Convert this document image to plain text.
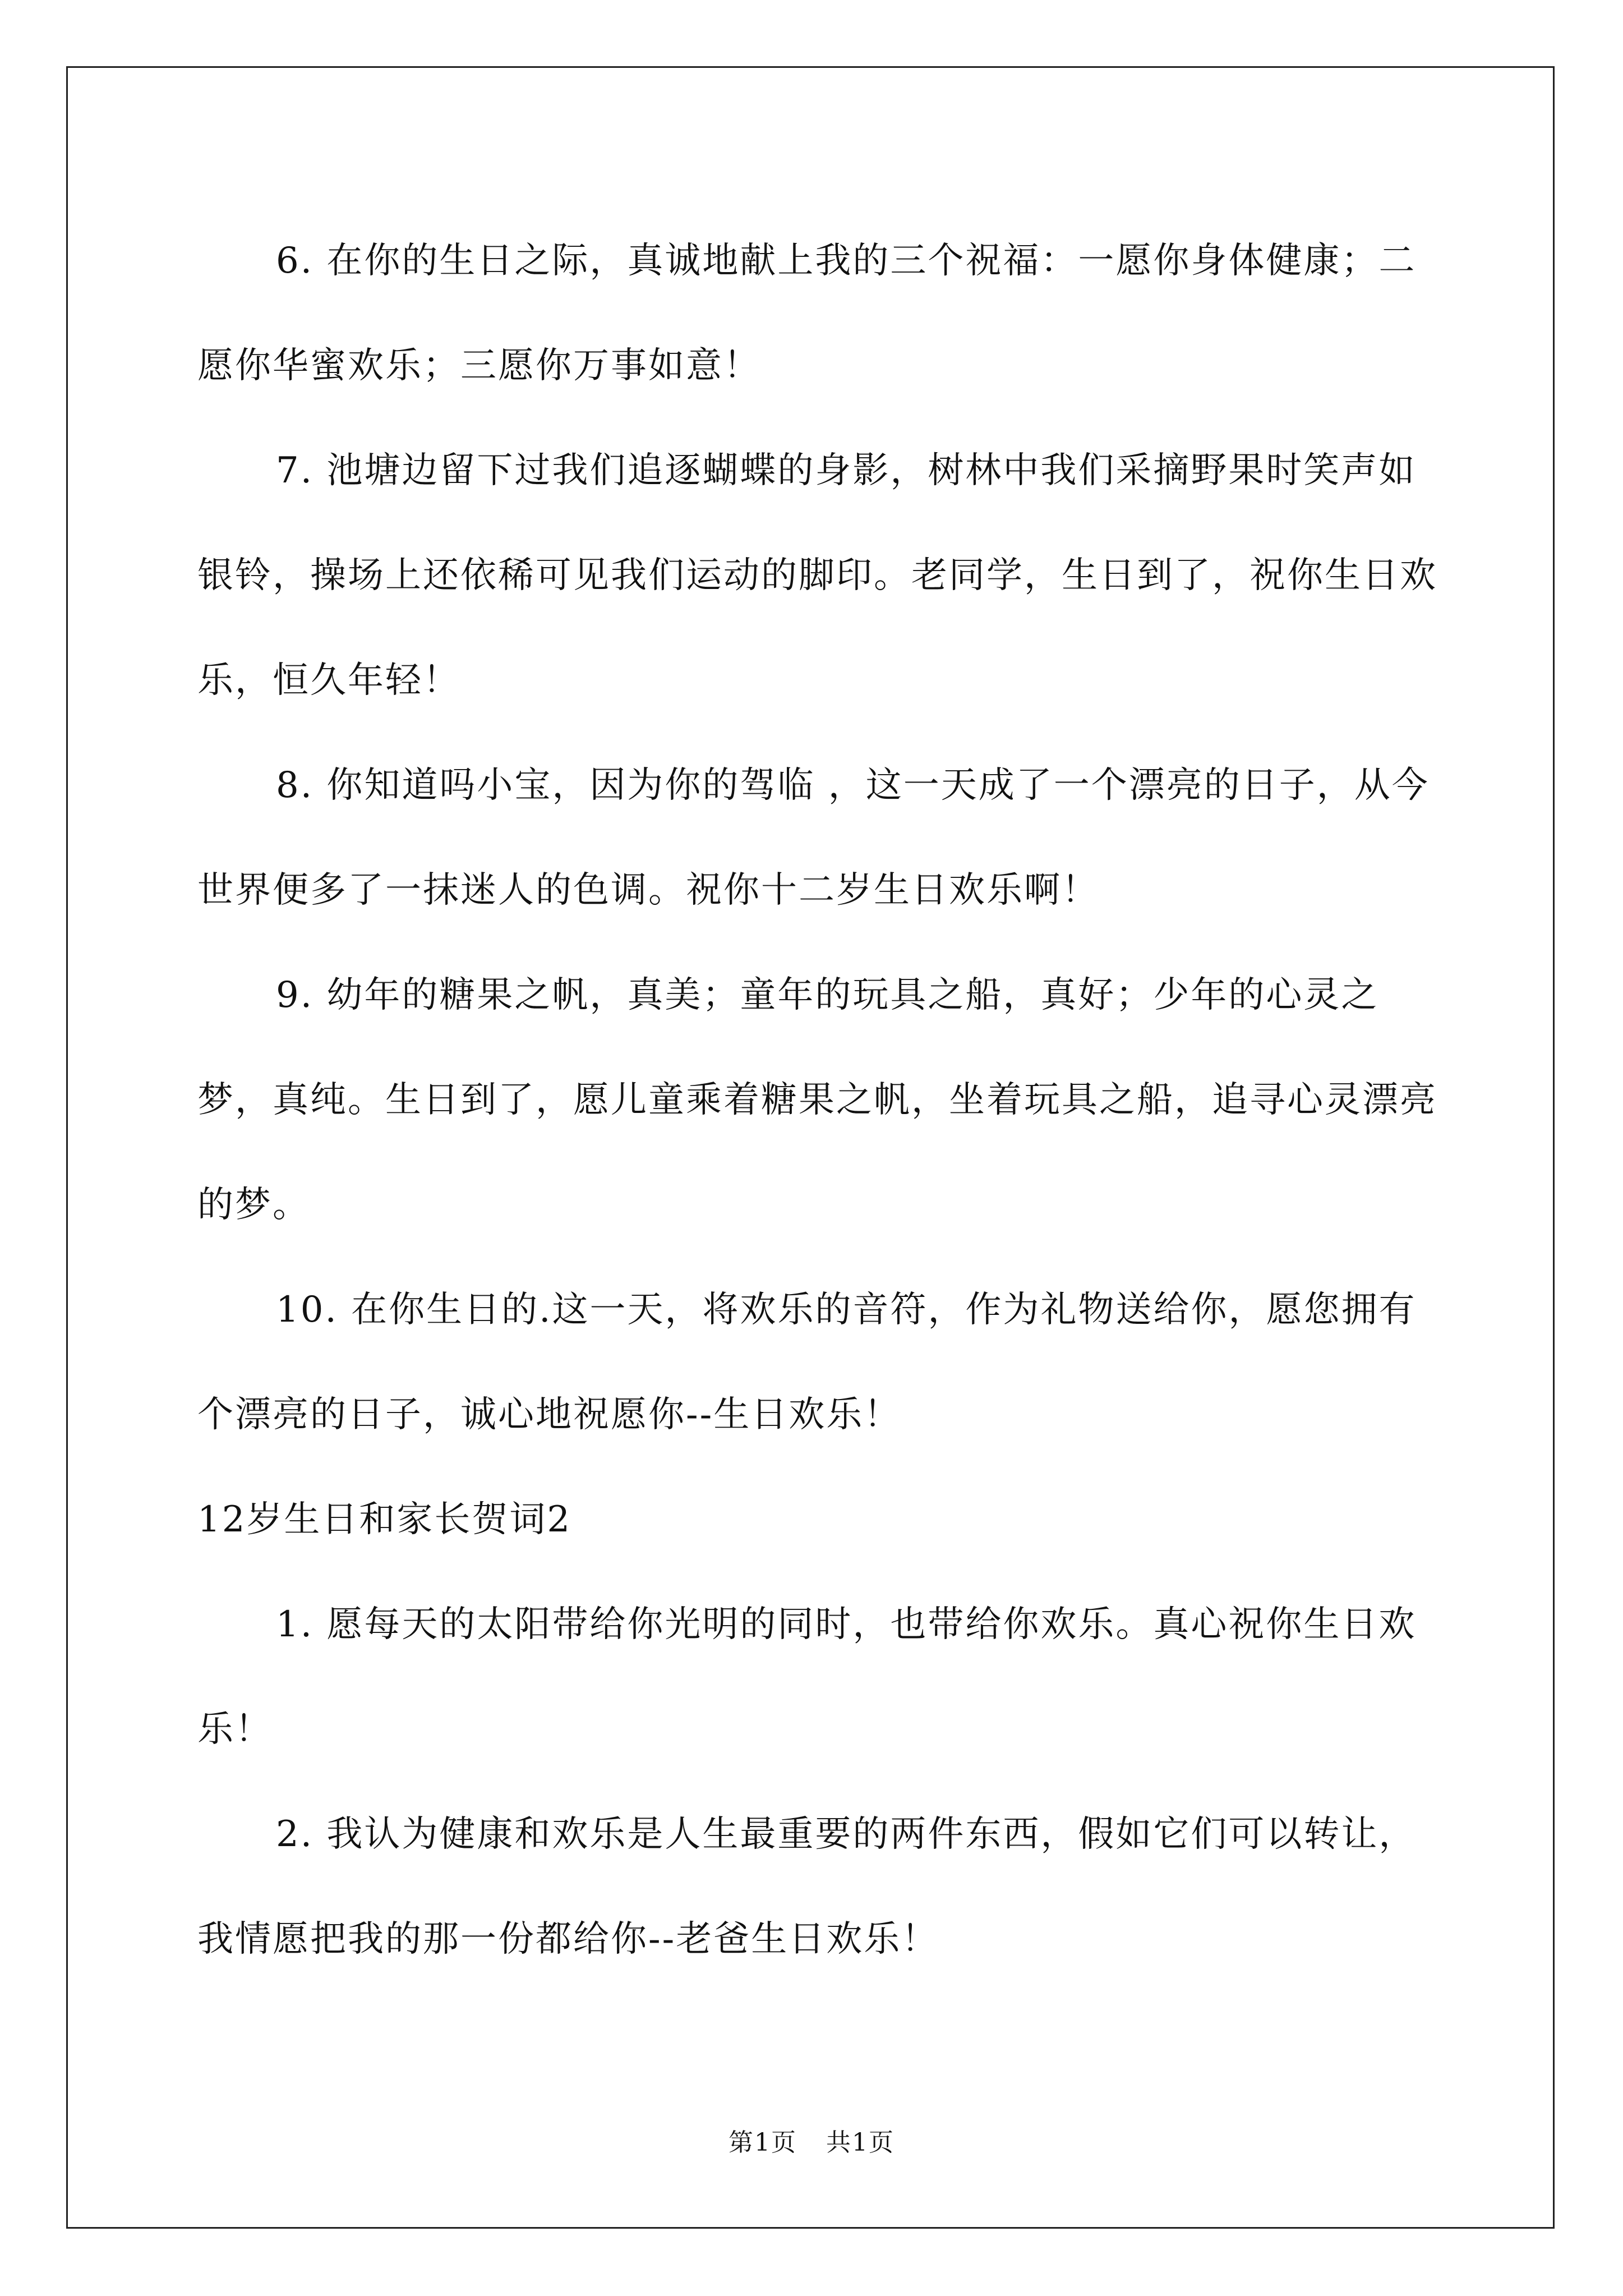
6. 在你的生日之际，真诚地献上我的三个祝福：一愿你身体健康；二愿你华蜜欢乐；三愿你万事如意！

7. 池塘边留下过我们追逐蝴蝶的身影，树林中我们采摘野果时笑声如银铃，操场上还依稀可见我们运动的脚印。老同学，生日到了，祝你生日欢乐，恒久年轻！

8. 你知道吗小宝，因为你的驾临 ，这一天成了一个漂亮的日子，从今世界便多了一抹迷人的色调。祝你十二岁生日欢乐啊！

9. 幼年的糖果之帆，真美；童年的玩具之船，真好；少年的心灵之梦，真纯。生日到了，愿儿童乘着糖果之帆，坐着玩具之船，追寻心灵漂亮的梦。

10. 在你生日的.这一天，将欢乐的音符，作为礼物送给你，愿您拥有个漂亮的日子，诚心地祝愿你--生日欢乐！

12岁生日和家长贺词2

1. 愿每天的太阳带给你光明的同时，也带给你欢乐。真心祝你生日欢乐！

2. 我认为健康和欢乐是人生最重要的两件东西，假如它们可以转让，我情愿把我的那一份都给你--老爸生日欢乐！

第1页 共1页
